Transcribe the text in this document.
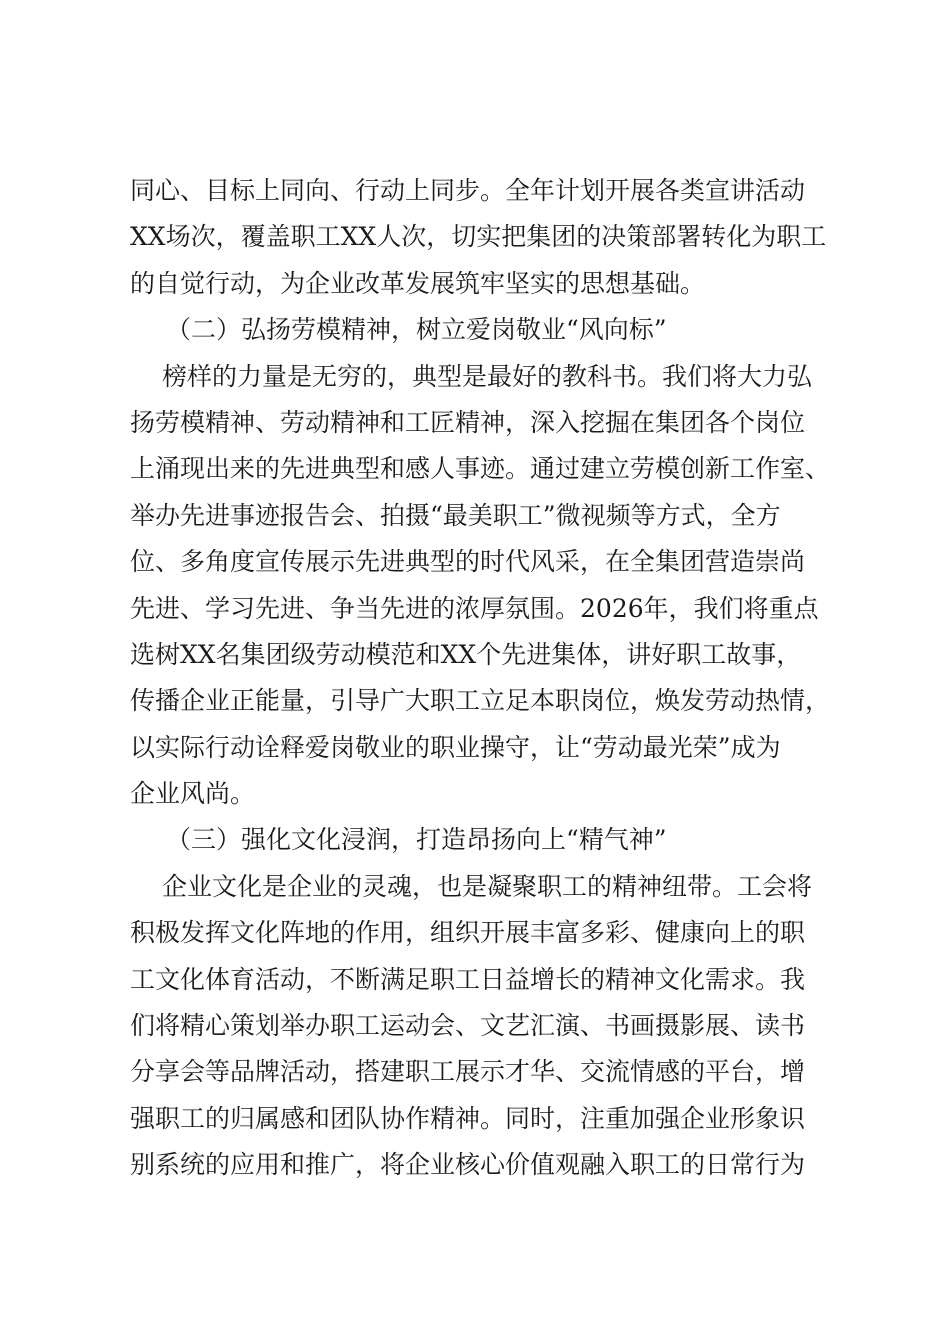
同心、目标上同向、行动上同步。全年计划开展各类宣讲活动
XX场次，覆盖职工XX人次，切实把集团的决策部署转化为职工
的自觉行动，为企业改革发展筑牢坚实的思想基础。
（二）弘扬劳模精神，树立爱岗敬业“风向标”
榜样的力量是无穷的，典型是最好的教科书。我们将大力弘
扬劳模精神、劳动精神和工匠精神，深入挖掘在集团各个岗位
上涌现出来的先进典型和感人事迹。通过建立劳模创新工作室、
举办先进事迹报告会、拍摄“最美职工”微视频等方式，全方
位、多角度宣传展示先进典型的时代风采，在全集团营造崇尚
先进、学习先进、争当先进的浓厚氛围。2026年，我们将重点
选树XX名集团级劳动模范和XX个先进集体，讲好职工故事，
传播企业正能量，引导广大职工立足本职岗位，焕发劳动热情，
以实际行动诠释爱岗敬业的职业操守，让“劳动最光荣”成为
企业风尚。
（三）强化文化浸润，打造昂扬向上“精气神”
企业文化是企业的灵魂，也是凝聚职工的精神纽带。工会将
积极发挥文化阵地的作用，组织开展丰富多彩、健康向上的职
工文化体育活动，不断满足职工日益增长的精神文化需求。我
们将精心策划举办职工运动会、文艺汇演、书画摄影展、读书
分享会等品牌活动，搭建职工展示才华、交流情感的平台，增
强职工的归属感和团队协作精神。同时，注重加强企业形象识
别系统的应用和推广，将企业核心价值观融入职工的日常行为
